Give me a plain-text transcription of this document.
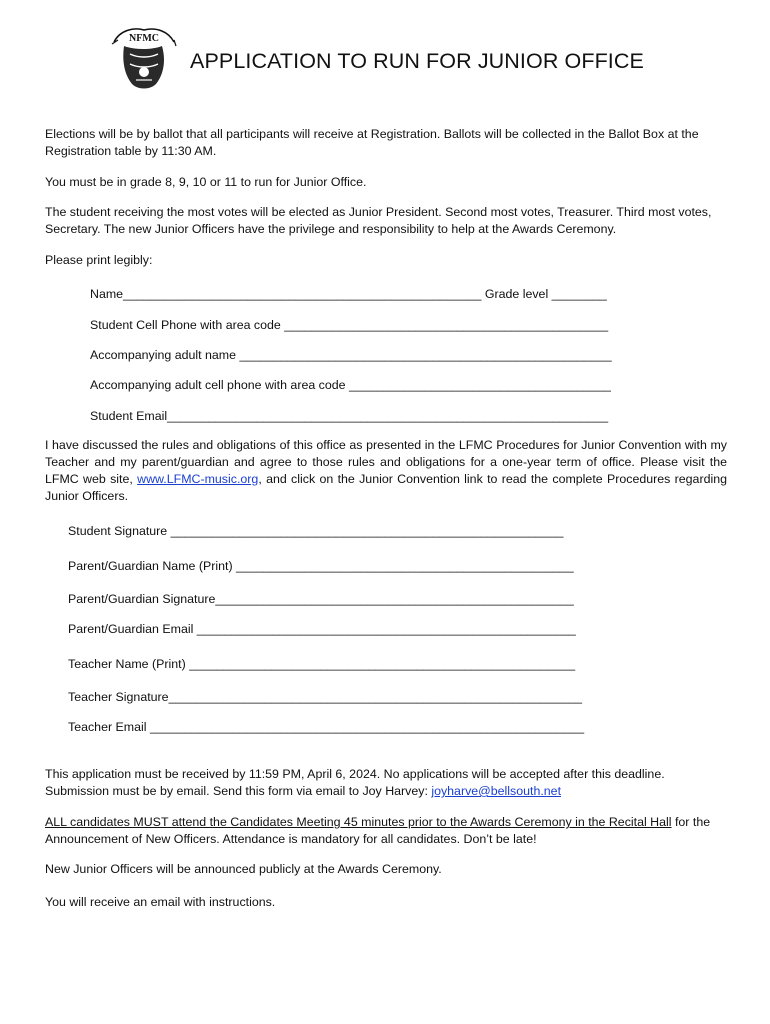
NFMC
APPLICATION TO RUN FOR JUNIOR OFFICE

Elections will be by ballot that all participants will receive at Registration. Ballots will be collected in the Ballot Box at the Registration table by 11:30 AM.

You must be in grade 8, 9, 10 or 11 to run for Junior Office.

The student receiving the most votes will be elected as Junior President. Second most votes, Treasurer. Third most votes, Secretary. The new Junior Officers have the privilege and responsibility to help at the Awards Ceremony.

Please print legibly:

Name____________________________________________________ Grade level ________
Student Cell Phone with area code _______________________________________________
Accompanying adult name ______________________________________________________
Accompanying adult cell phone with area code ______________________________________
Student Email________________________________________________________________

I have discussed the rules and obligations of this office as presented in the LFMC Procedures for Junior Convention with my Teacher and my parent/guardian and agree to those rules and obligations for a one-year term of office. Please visit the LFMC web site, www.LFMC-music.org, and click on the Junior Convention link to read the complete Procedures regarding Junior Officers.

Student Signature _________________________________________________________
Parent/Guardian Name (Print) _________________________________________________
Parent/Guardian Signature____________________________________________________
Parent/Guardian Email _______________________________________________________
Teacher Name (Print) ________________________________________________________
Teacher Signature____________________________________________________________
Teacher Email _______________________________________________________________

This application must be received by 11:59 PM, April 6, 2024. No applications will be accepted after this deadline.
Submission must be by email. Send this form via email to Joy Harvey: joyharve@bellsouth.net

ALL candidates MUST attend the Candidates Meeting 45 minutes prior to the Awards Ceremony in the Recital Hall for the Announcement of New Officers. Attendance is mandatory for all candidates. Don’t be late!

New Junior Officers will be announced publicly at the Awards Ceremony.

You will receive an email with instructions.
